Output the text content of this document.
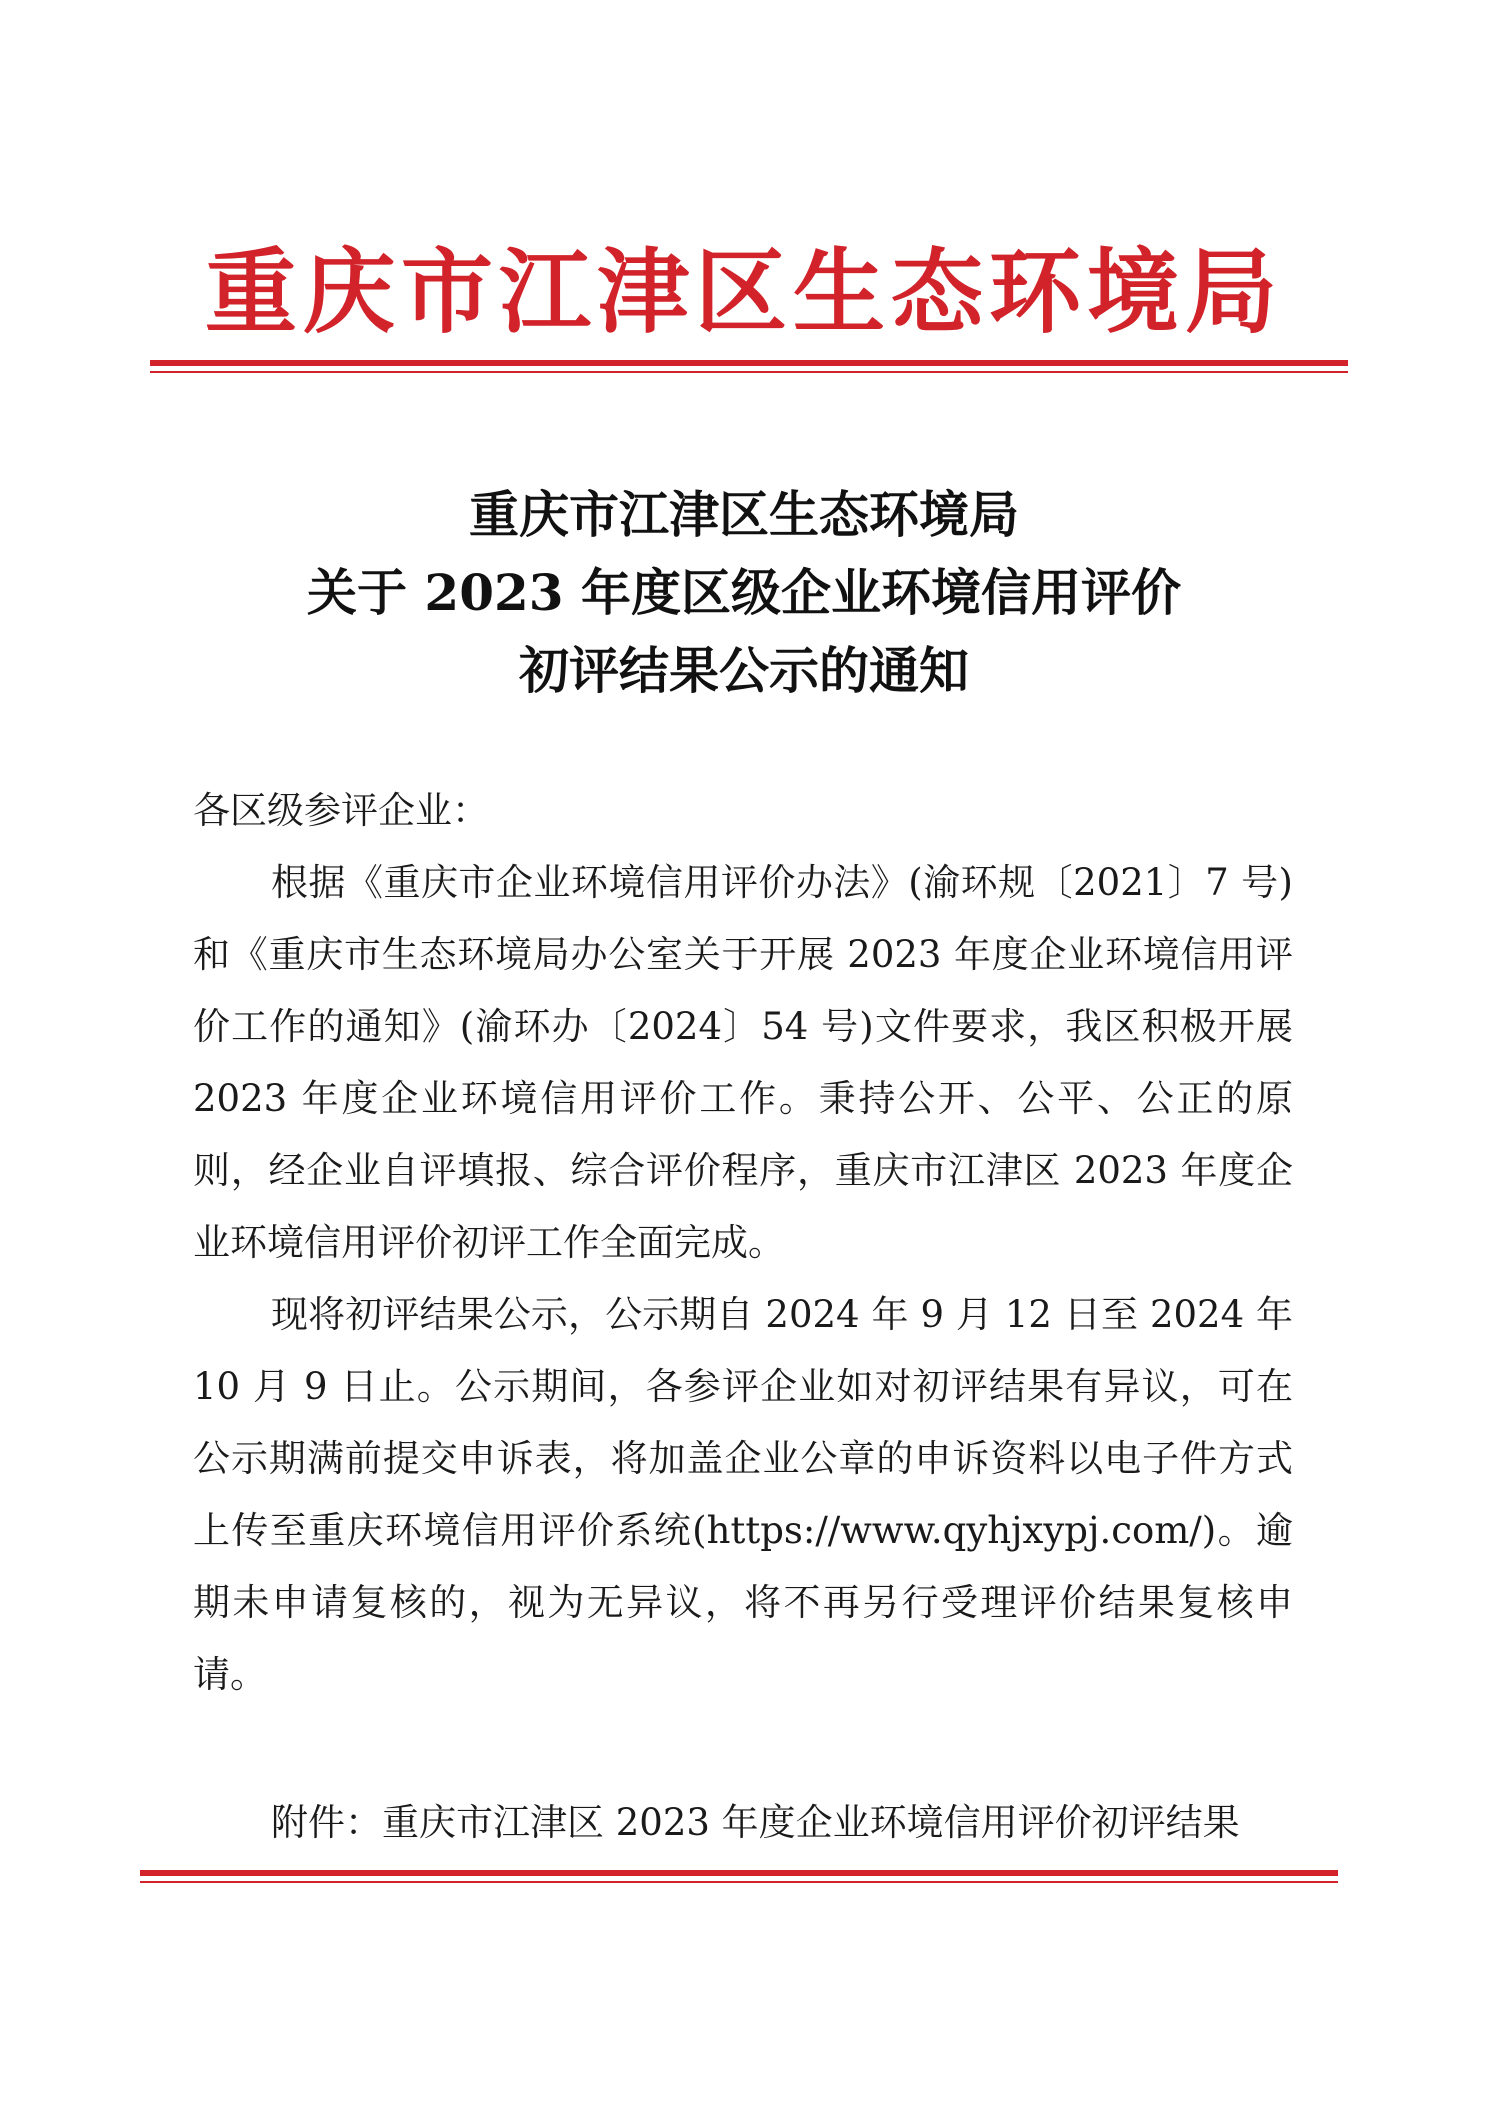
重庆市江津区生态环境局
重庆市江津区生态环境局
关于 2023 年度区级企业环境信用评价
初评结果公示的通知

各区级参评企业：

根据《重庆市企业环境信用评价办法》(渝环规〔2021〕7 号)和《重庆市生态环境局办公室关于开展 2023 年度企业环境信用评价工作的通知》(渝环办〔2024〕54 号)文件要求，我区积极开展 2023 年度企业环境信用评价工作。秉持公开、公平、公正的原则，经企业自评填报、综合评价程序，重庆市江津区 2023 年度企业环境信用评价初评工作全面完成。

现将初评结果公示，公示期自 2024 年 9 月 12 日至 2024 年 10 月 9 日止。公示期间，各参评企业如对初评结果有异议，可在公示期满前提交申诉表，将加盖企业公章的申诉资料以电子件方式上传至重庆环境信用评价系统(https://www.qyhjxypj.com/)。逾期未申请复核的，视为无异议，将不再另行受理评价结果复核申请。

附件：重庆市江津区 2023 年度企业环境信用评价初评结果
